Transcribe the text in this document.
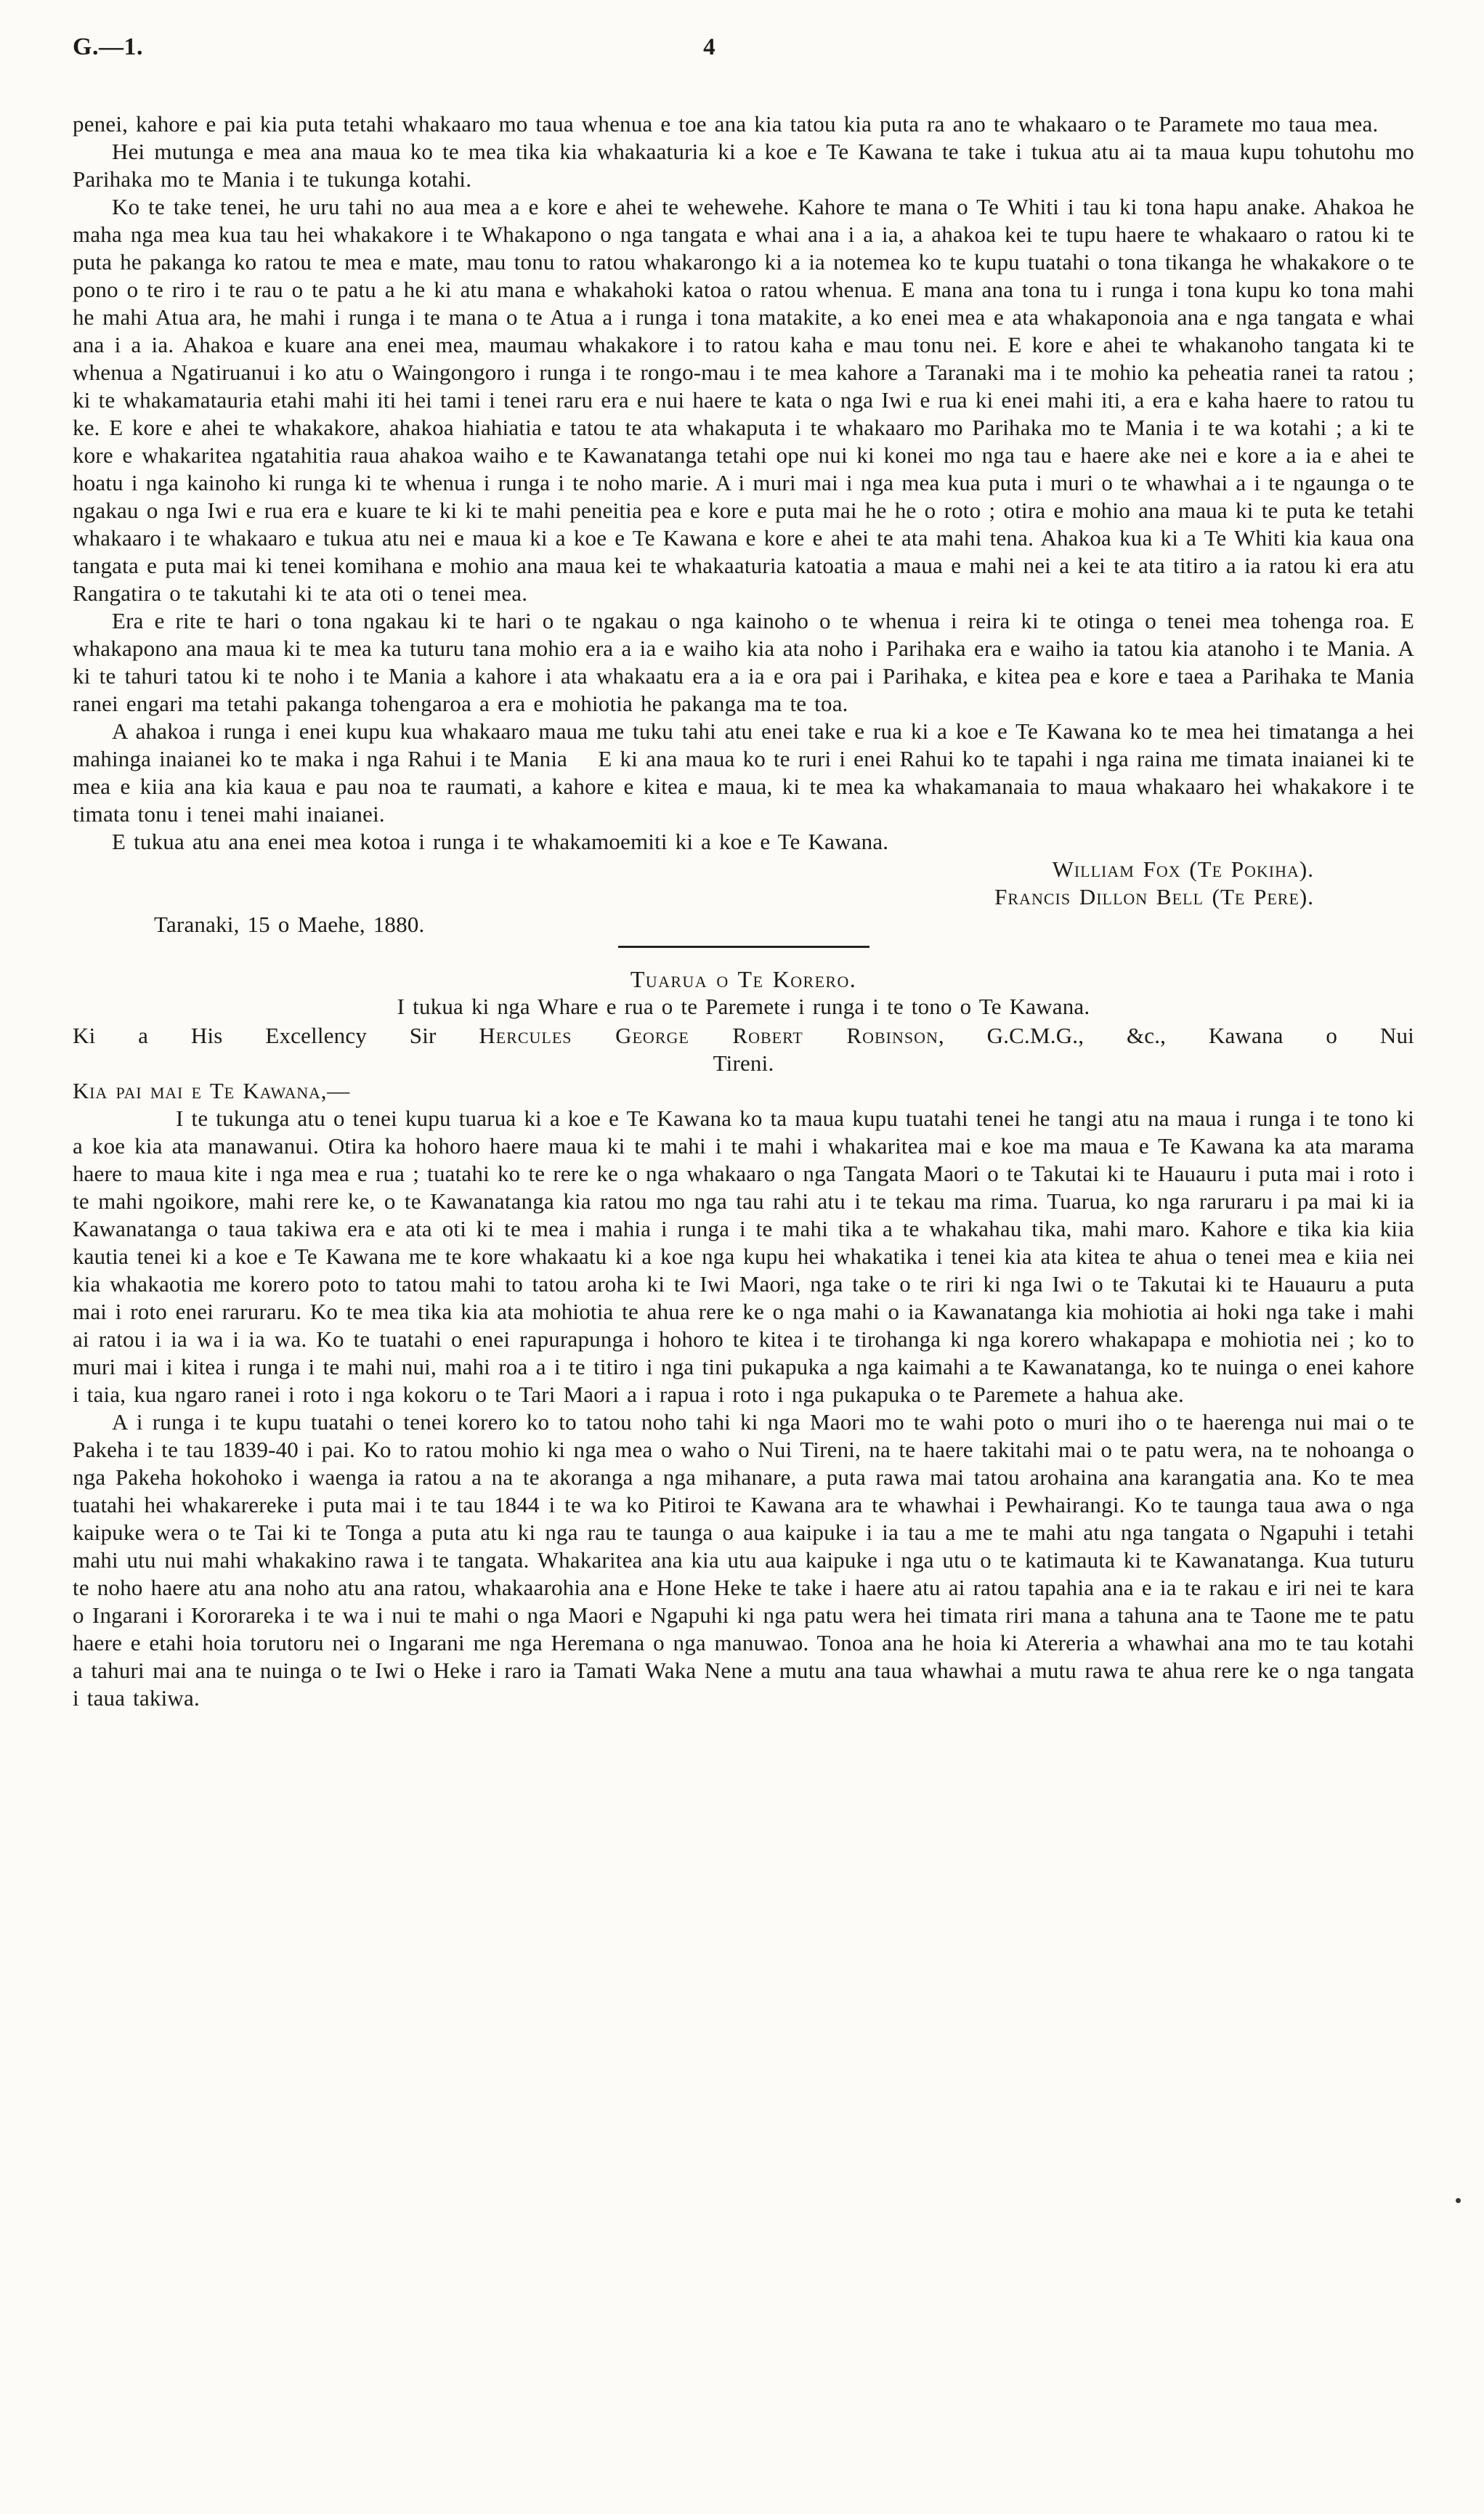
G.—1.	4

penei, kahore e pai kia puta tetahi whakaaro mo taua whenua e toe ana kia tatou kia puta ra ano te whakaaro o te Paramete mo taua mea.

Hei mutunga e mea ana maua ko te mea tika kia whakaaturia ki a koe e Te Kawana te take i tukua atu ai ta maua kupu tohutohu mo Parihaka mo te Mania i te tukunga kotahi.

Ko te take tenei, he uru tahi no aua mea a e kore e ahei te wehewehe. Kahore te mana o Te Whiti i tau ki tona hapu anake. Ahakoa he maha nga mea kua tau hei whakakore i te Whakapono o nga tangata e whai ana i a ia, a ahakoa kei te tupu haere te whakaaro o ratou ki te puta he pakanga ko ratou te mea e mate, mau tonu to ratou whakarongo ki a ia notemea ko te kupu tuatahi o tona tikanga he whakakore o te pono o te riro i te rau o te patu a he ki atu mana e whakahoki katoa o ratou whenua. E mana ana tona tu i runga i tona kupu ko tona mahi he mahi Atua ara, he mahi i runga i te mana o te Atua a i runga i tona matakite, a ko enei mea e ata whakaponoia ana e nga tangata e whai ana i a ia. Ahakoa e kuare ana enei mea, maumau whakakore i to ratou kaha e mau tonu nei. E kore e ahei te whakanoho tangata ki te whenua a Ngatiruanui i ko atu o Waingongoro i runga i te rongo-mau i te mea kahore a Taranaki ma i te mohio ka peheatia ranei ta ratou ; ki te whakamatauria etahi mahi iti hei tami i tenei raru era e nui haere te kata o nga Iwi e rua ki enei mahi iti, a era e kaha haere to ratou tu ke. E kore e ahei te whakakore, ahakoa hiahiatia e tatou te ata whakaputa i te whakaaro mo Parihaka mo te Mania i te wa kotahi ; a ki te kore e whakaritea ngatahitia raua ahakoa waiho e te Kawanatanga tetahi ope nui ki konei mo nga tau e haere ake nei e kore a ia e ahei te hoatu i nga kainoho ki runga ki te whenua i runga i te noho marie. A i muri mai i nga mea kua puta i muri o te whawhai a i te ngaunga o te ngakau o nga Iwi e rua era e kuare te ki ki te mahi peneitia pea e kore e puta mai he he o roto ; otira e mohio ana maua ki te puta ke tetahi whakaaro i te whakaaro e tukua atu nei e maua ki a koe e Te Kawana e kore e ahei te ata mahi tena. Ahakoa kua ki a Te Whiti kia kaua ona tangata e puta mai ki tenei komihana e mohio ana maua kei te whakaaturia katoatia a maua e mahi nei a kei te ata titiro a ia ratou ki era atu Rangatira o te takutahi ki te ata oti o tenei mea.

Era e rite te hari o tona ngakau ki te hari o te ngakau o nga kainoho o te whenua i reira ki te otinga o tenei mea tohenga roa. E whakapono ana maua ki te mea ka tuturu tana mohio era a ia e waiho kia ata noho i Parihaka era e waiho ia tatou kia atanoho i te Mania. A ki te tahuri tatou ki te noho i te Mania a kahore i ata whakaatu era a ia e ora pai i Parihaka, e kitea pea e kore e taea a Parihaka te Mania ranei engari ma tetahi pakanga tohengaroa a era e mohiotia he pakanga ma te toa.

A ahakoa i runga i enei kupu kua whakaaro maua me tuku tahi atu enei take e rua ki a koe e Te Kawana ko te mea hei timatanga a hei mahinga inaianei ko te maka i nga Rahui i te Mania  E ki ana maua ko te ruri i enei Rahui ko te tapahi i nga raina me timata inaianei ki te mea e kiia ana kia kaua e pau noa te raumati, a kahore e kitea e maua, ki te mea ka whakamanaia to maua whakaaro hei whakakore i te timata tonu i tenei mahi inaianei.

E tukua atu ana enei mea kotoa i runga i te whakamoemiti ki a koe e Te Kawana.

William Fox (Te Pokiha).

Francis Dillon Bell (Te Pere).

Taranaki, 15 o Maehe, 1880.

Tuarua o Te Korero.

I tukua ki nga Whare e rua o te Paremete i runga i te tono o Te Kawana.

Ki a His Excellency Sir Hercules George Robert Robinson, G.C.M.G., &c., Kawana o Nui

Tireni.

Kia pai mai e Te Kawana,—

I te tukunga atu o tenei kupu tuarua ki a koe e Te Kawana ko ta maua kupu tuatahi tenei he tangi atu na maua i runga i te tono ki a koe kia ata manawanui. Otira ka hohoro haere maua ki te mahi i te mahi i whakaritea mai e koe ma maua e Te Kawana ka ata marama haere to maua kite i nga mea e rua ; tuatahi ko te rere ke o nga whakaaro o nga Tangata Maori o te Takutai ki te Hauauru i puta mai i roto i te mahi ngoikore, mahi rere ke, o te Kawanatanga kia ratou mo nga tau rahi atu i te tekau ma rima. Tuarua, ko nga raruraru i pa mai ki ia Kawanatanga o taua takiwa era e ata oti ki te mea i mahia i runga i te mahi tika a te whakahau tika, mahi maro. Kahore e tika kia kiia kautia tenei ki a koe e Te Kawana me te kore whakaatu ki a koe nga kupu hei whakatika i tenei kia ata kitea te ahua o tenei mea e kiia nei kia whakaotia me korero poto to tatou mahi to tatou aroha ki te Iwi Maori, nga take o te riri ki nga Iwi o te Takutai ki te Hauauru a puta mai i roto enei raruraru. Ko te mea tika kia ata mohiotia te ahua rere ke o nga mahi o ia Kawanatanga kia mohiotia ai hoki nga take i mahi ai ratou i ia wa i ia wa. Ko te tuatahi o enei rapurapunga i hohoro te kitea i te tirohanga ki nga korero whakapapa e mohiotia nei ; ko to muri mai i kitea i runga i te mahi nui, mahi roa a i te titiro i nga tini pukapuka a nga kaimahi a te Kawanatanga, ko te nuinga o enei kahore i taia, kua ngaro ranei i roto i nga kokoru o te Tari Maori a i rapua i roto i nga pukapuka o te Paremete a hahua ake.

A i runga i te kupu tuatahi o tenei korero ko to tatou noho tahi ki nga Maori mo te wahi poto o muri iho o te haerenga nui mai o te Pakeha i te tau 1839-40 i pai. Ko to ratou mohio ki nga mea o waho o Nui Tireni, na te haere takitahi mai o te patu wera, na te nohoanga o nga Pakeha hokohoko i waenga ia ratou a na te akoranga a nga mihanare, a puta rawa mai tatou arohaina ana karangatia ana. Ko te mea tuatahi hei whakarereke i puta mai i te tau 1844 i te wa ko Pitiroi te Kawana ara te whawhai i Pewhairangi. Ko te taunga taua awa o nga kaipuke wera o te Tai ki te Tonga a puta atu ki nga rau te taunga o aua kaipuke i ia tau a me te mahi atu nga tangata o Ngapuhi i tetahi mahi utu nui mahi whakakino rawa i te tangata. Whakaritea ana kia utu aua kaipuke i nga utu o te katimauta ki te Kawanatanga. Kua tuturu te noho haere atu ana noho atu ana ratou, whakaarohia ana e Hone Heke te take i haere atu ai ratou tapahia ana e ia te rakau e iri nei te kara o Ingarani i Kororareka i te wa i nui te mahi o nga Maori e Ngapuhi ki nga patu wera hei timata riri mana a tahuna ana te Taone me te patu haere e etahi hoia torutoru nei o Ingarani me nga Heremana o nga manuwao. Tonoa ana he hoia ki Atereria a whawhai ana mo te tau kotahi a tahuri mai ana te nuinga o te Iwi o Heke i raro ia Tamati Waka Nene a mutu ana taua whawhai a mutu rawa te ahua rere ke o nga tangata i taua takiwa.
